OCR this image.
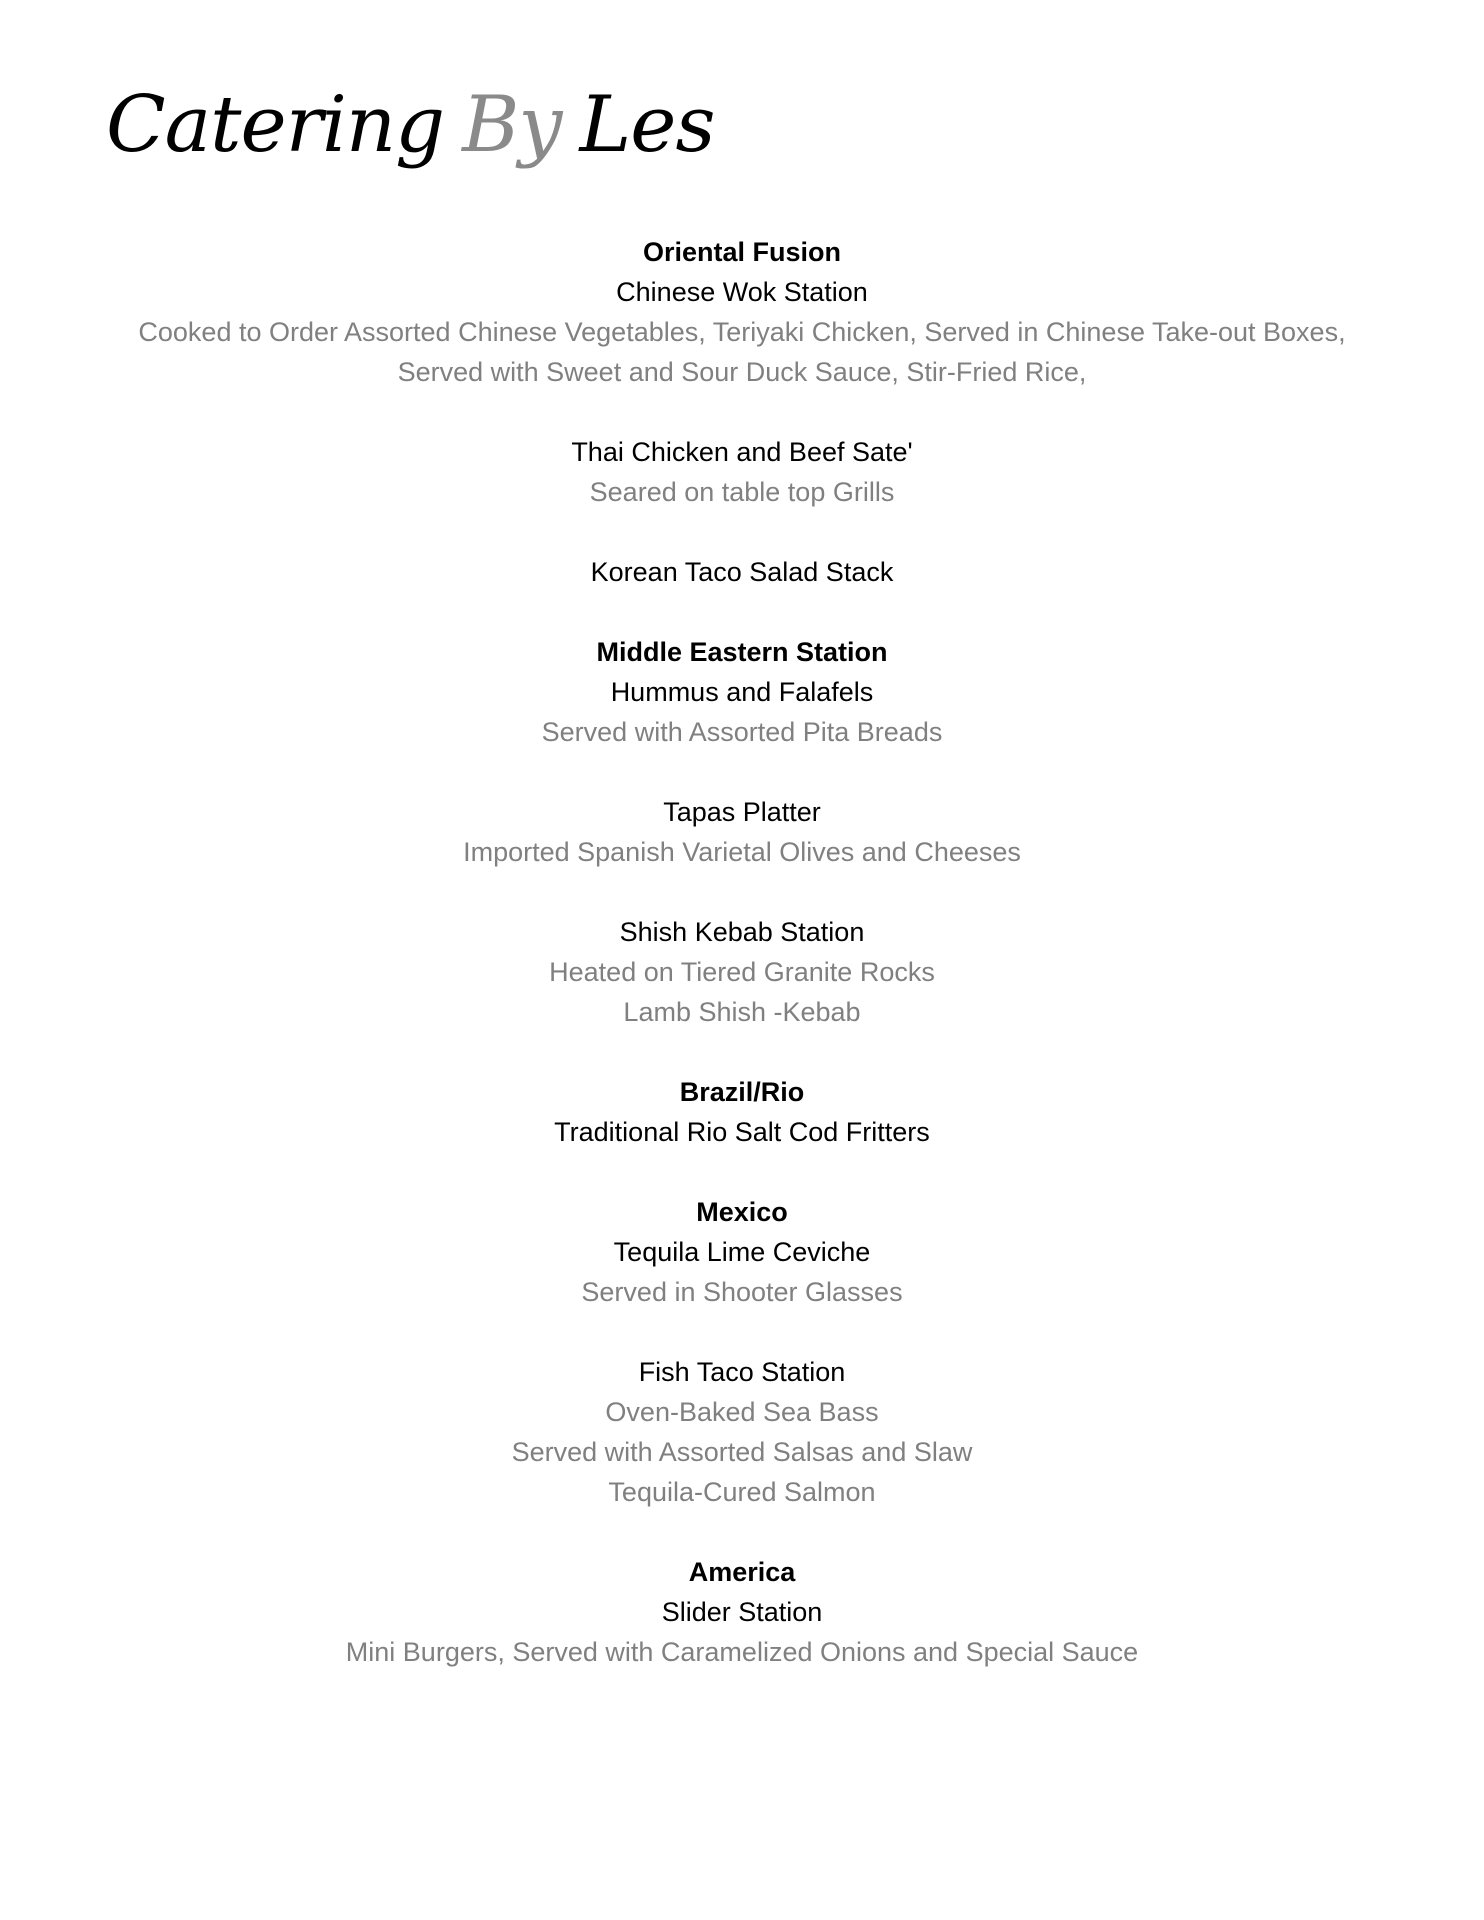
Catering By Les
Oriental Fusion
Chinese Wok Station
Cooked to Order Assorted Chinese Vegetables, Teriyaki Chicken, Served in Chinese Take-out Boxes, Served with Sweet and Sour Duck Sauce, Stir-Fried Rice,
Thai Chicken and Beef Sate'
Seared on table top Grills
Korean Taco Salad Stack
Middle Eastern Station
Hummus and Falafels
Served with Assorted Pita Breads
Tapas Platter
Imported Spanish Varietal Olives and Cheeses
Shish Kebab Station
Heated on Tiered Granite Rocks
Lamb Shish -Kebab
Brazil/Rio
Traditional Rio Salt Cod Fritters
Mexico
Tequila Lime Ceviche
Served in Shooter Glasses
Fish Taco Station
Oven-Baked Sea Bass
Served with Assorted Salsas and Slaw
Tequila-Cured Salmon
America
Slider Station
Mini Burgers, Served with Caramelized Onions and Special Sauce
